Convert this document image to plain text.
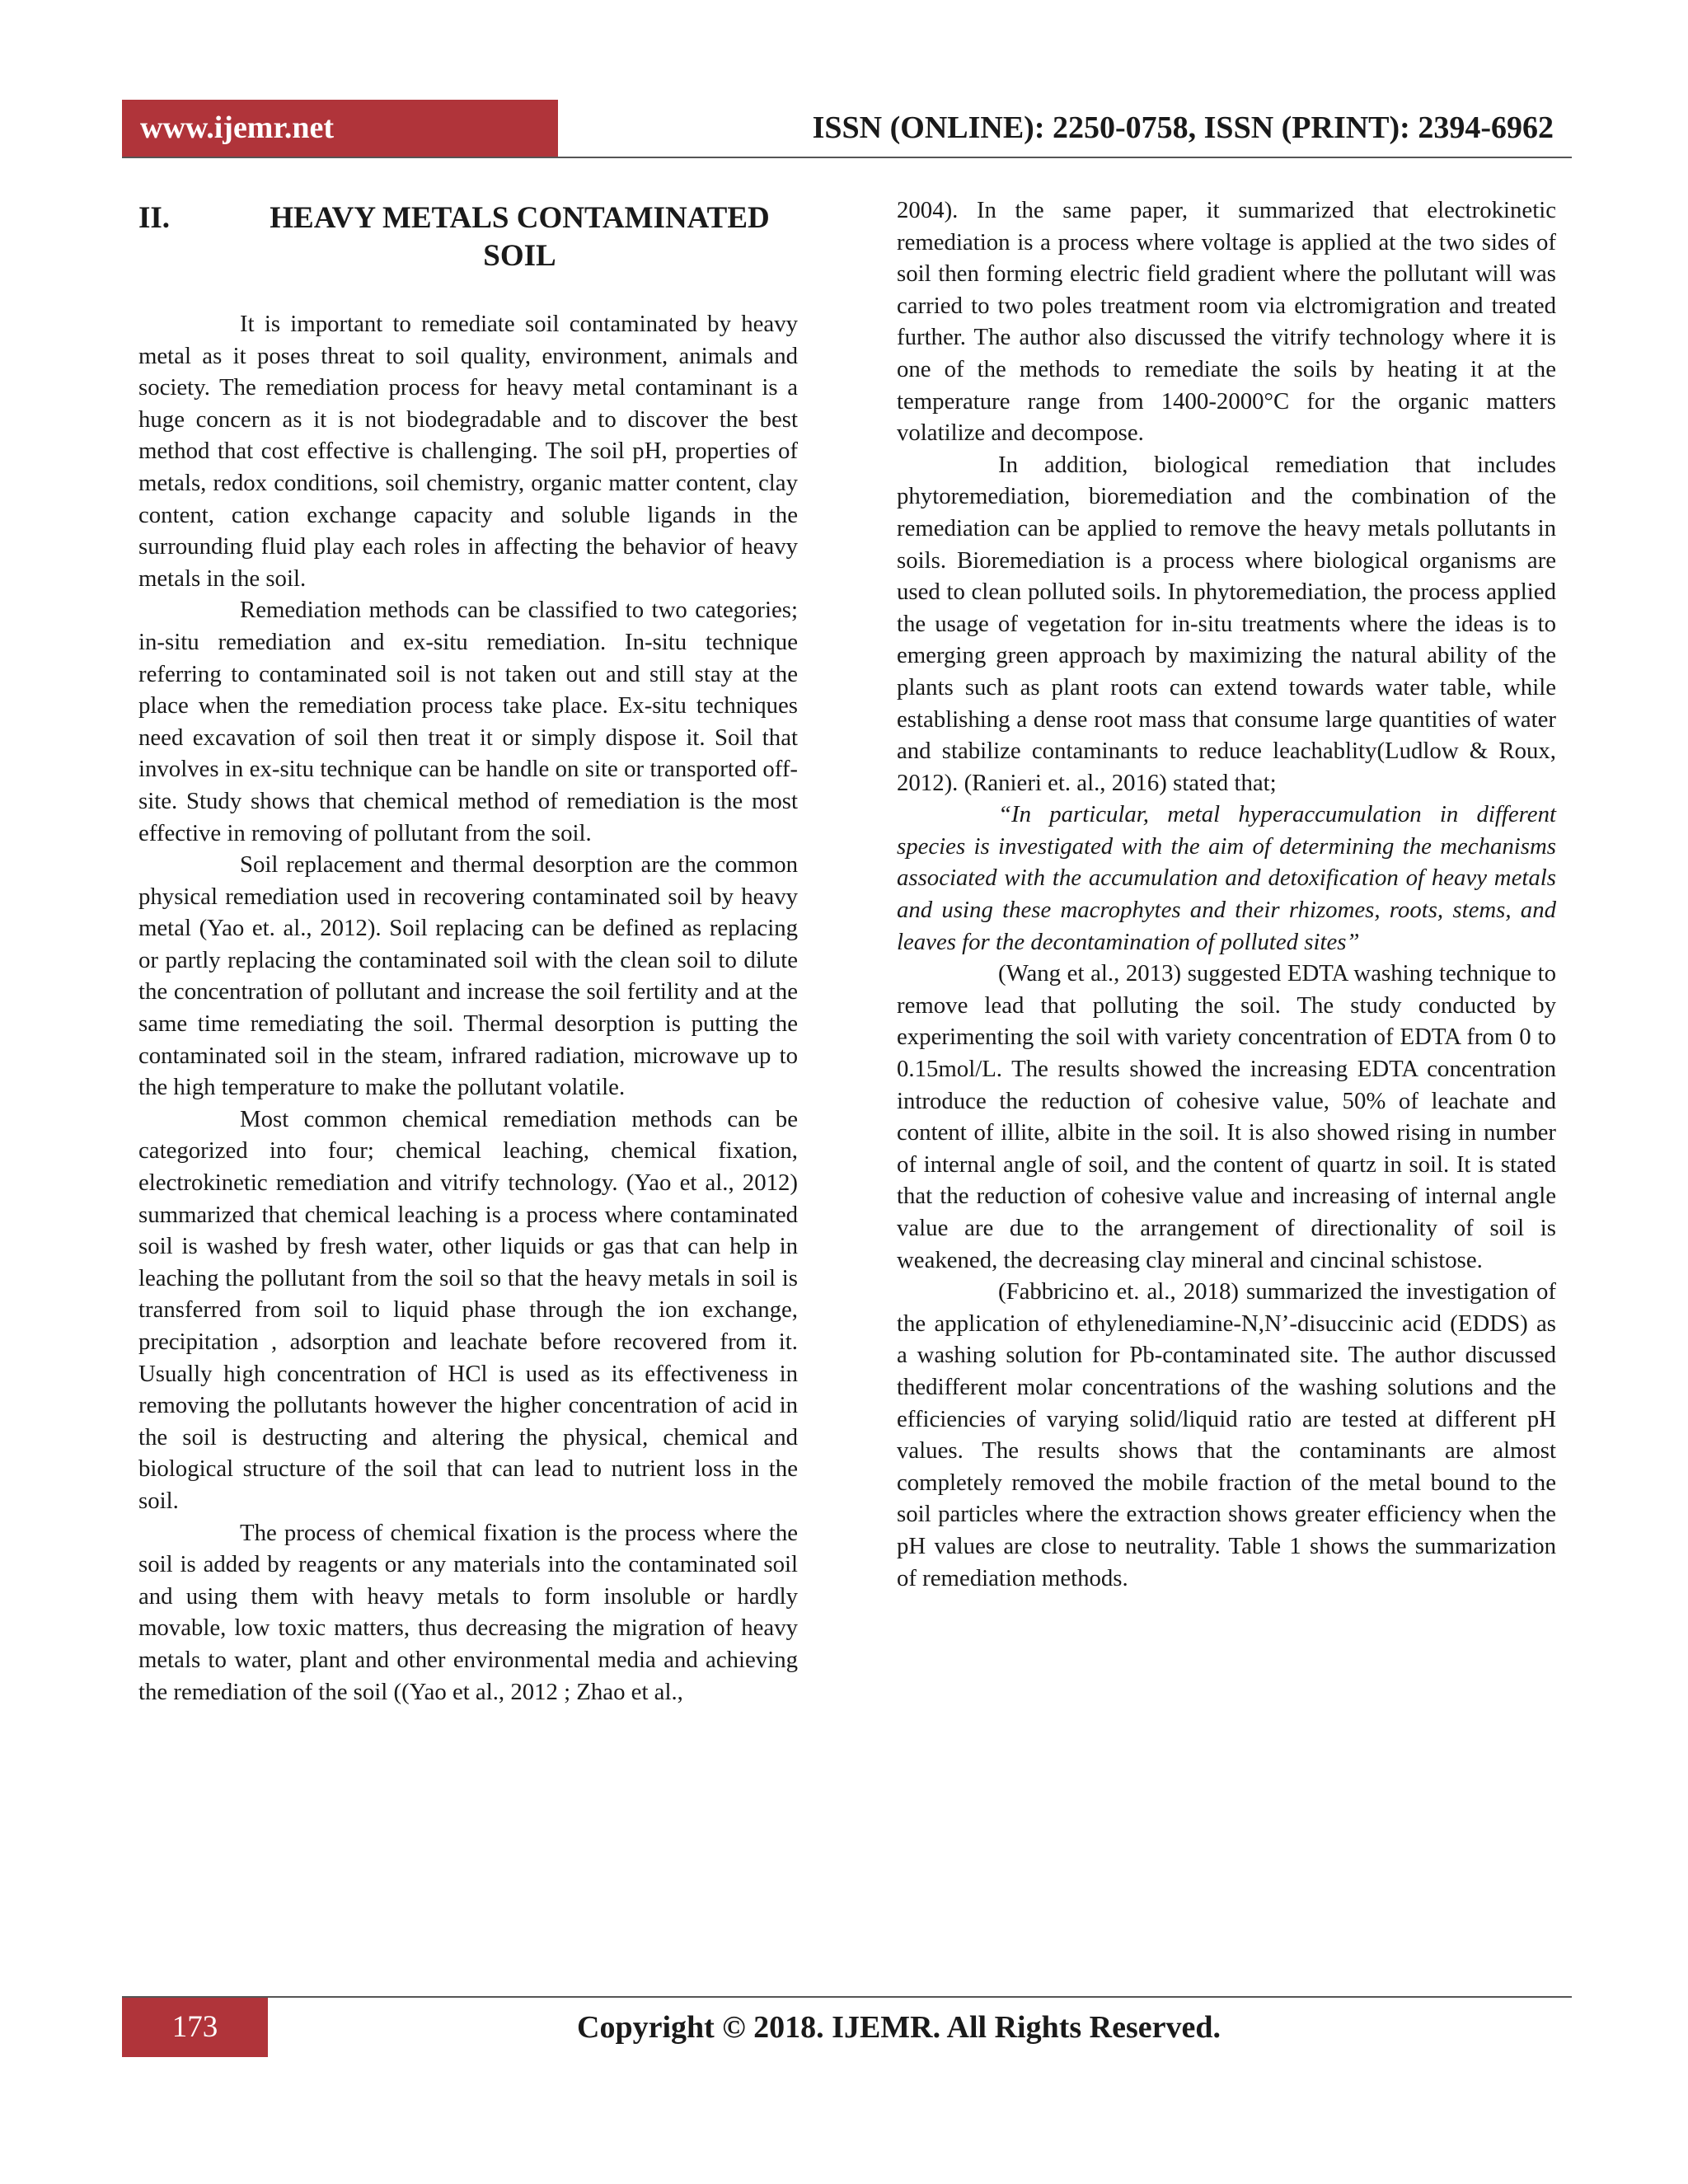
www.ijemr.net	ISSN (ONLINE): 2250-0758, ISSN (PRINT): 2394-6962
II.	HEAVY METALS CONTAMINATED
SOIL

It is important to remediate soil contaminated by heavy metal as it poses threat to soil quality, environment, animals and society. The remediation process for heavy metal contaminant is a huge concern as it is not biodegradable and to discover the best method that cost effective is challenging. The soil pH, properties of metals, redox conditions, soil chemistry, organic matter content, clay content, cation exchange capacity and soluble ligands in the surrounding fluid play each roles in affecting the behavior of heavy metals in the soil.

Remediation methods can be classified to two categories; in-situ remediation and ex-situ remediation. In-situ technique referring to contaminated soil is not taken out and still stay at the place when the remediation process take place. Ex-situ techniques need excavation of soil then treat it or simply dispose it. Soil that involves in ex-situ technique can be handle on site or transported off-site. Study shows that chemical method of remediation is the most effective in removing of pollutant from the soil.

Soil replacement and thermal desorption are the common physical remediation used in recovering contaminated soil by heavy metal (Yao et. al., 2012). Soil replacing can be defined as replacing or partly replacing the contaminated soil with the clean soil to dilute the concentration of pollutant and increase the soil fertility and at the same time remediating the soil. Thermal desorption is putting the contaminated soil in the steam, infrared radiation, microwave up to the high temperature to make the pollutant volatile.

Most common chemical remediation methods can be categorized into four; chemical leaching, chemical fixation, electrokinetic remediation and vitrify technology. (Yao et al., 2012) summarized that chemical leaching is a process where contaminated soil is washed by fresh water, other liquids or gas that can help in leaching the pollutant from the soil so that the heavy metals in soil is transferred from soil to liquid phase through the ion exchange, precipitation , adsorption and leachate before recovered from it. Usually high concentration of HCl is used as its effectiveness in removing the pollutants however the higher concentration of acid in the soil is destructing and altering the physical, chemical and biological structure of the soil that can lead to nutrient loss in the soil.

The process of chemical fixation is the process where the soil is added by reagents or any materials into the contaminated soil and using them with heavy metals to form insoluble or hardly movable, low toxic matters, thus decreasing the migration of heavy metals to water, plant and other environmental media and achieving the remediation of the soil ((Yao et al., 2012 ; Zhao et al.,

2004). In the same paper, it summarized that electrokinetic remediation is a process where voltage is applied at the two sides of soil then forming electric field gradient where the pollutant will was carried to two poles treatment room via elctromigration and treated further. The author also discussed the vitrify technology where it is one of the methods to remediate the soils by heating it at the temperature range from 1400-2000°C for the organic matters volatilize and decompose.

In addition, biological remediation that includes phytoremediation, bioremediation and the combination of the remediation can be applied to remove the heavy metals pollutants in soils. Bioremediation is a process where biological organisms are used to clean polluted soils. In phytoremediation, the process applied the usage of vegetation for in-situ treatments where the ideas is to emerging green approach by maximizing the natural ability of the plants such as plant roots can extend towards water table, while establishing a dense root mass that consume large quantities of water and stabilize contaminants to reduce leachablity(Ludlow & Roux, 2012). (Ranieri et. al., 2016) stated that;

“In particular, metal hyperaccumulation in different species is investigated with the aim of determining the mechanisms associated with the accumulation and detoxification of heavy metals and using these macrophytes and their rhizomes, roots, stems, and leaves for the decontamination of polluted sites”

(Wang et al., 2013) suggested EDTA washing technique to remove lead that polluting the soil. The study conducted by experimenting the soil with variety concentration of EDTA from 0 to 0.15mol/L. The results showed the increasing EDTA concentration introduce the reduction of cohesive value, 50% of leachate and content of illite, albite in the soil. It is also showed rising in number of internal angle of soil, and the content of quartz in soil. It is stated that the reduction of cohesive value and increasing of internal angle value are due to the arrangement of directionality of soil is weakened, the decreasing clay mineral and cincinal schistose.

(Fabbricino et. al., 2018) summarized the investigation of the application of ethylenediamine-N,N’-disuccinic acid (EDDS) as a washing solution for Pb-contaminated site. The author discussed thedifferent molar concentrations of the washing solutions and the efficiencies of varying solid/liquid ratio are tested at different pH values. The results shows that the contaminants are almost completely removed the mobile fraction of the metal bound to the soil particles where the extraction shows greater efficiency when the pH values are close to neutrality. Table 1 shows the summarization of remediation methods.

173	Copyright © 2018. IJEMR. All Rights Reserved.
